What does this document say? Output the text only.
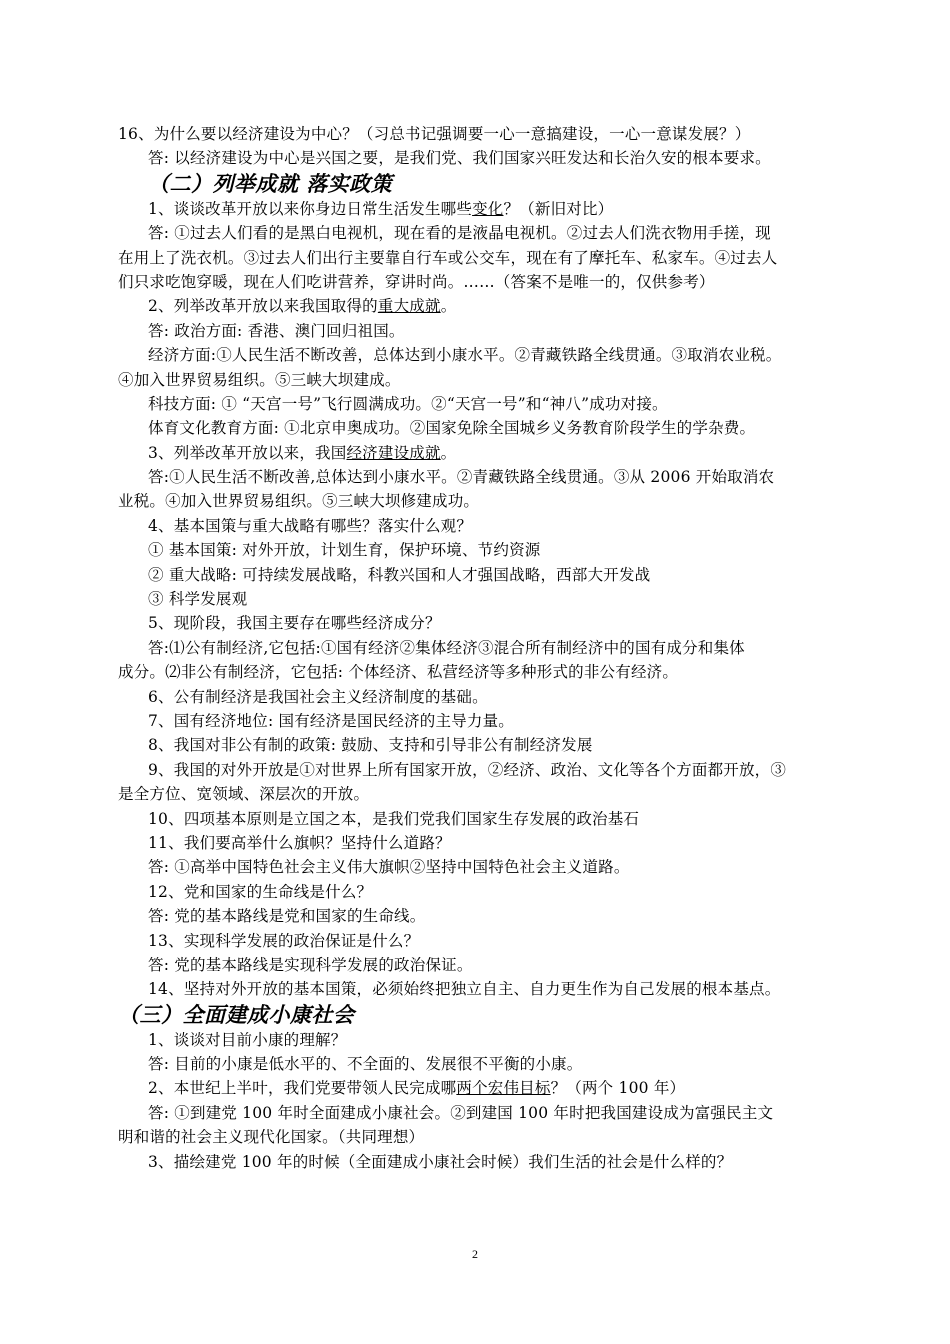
16、为什么要以经济建设为中心？（习总书记强调要一心一意搞建设，一心一意谋发展？）
答: 以经济建设为中心是兴国之要，是我们党、我们国家兴旺发达和长治久安的根本要求。
（二）列举成就 落实政策
1、谈谈改革开放以来你身边日常生活发生哪些变化？（新旧对比）
答: ①过去人们看的是黑白电视机，现在看的是液晶电视机。②过去人们洗衣物用手搓，现
在用上了洗衣机。③过去人们出行主要靠自行车或公交车，现在有了摩托车、私家车。④过去人
们只求吃饱穿暖，现在人们吃讲营养，穿讲时尚。……（答案不是唯一的，仅供参考）
2、列举改革开放以来我国取得的重大成就。
答: 政治方面: 香港、澳门回归祖国。
经济方面:①人民生活不断改善，总体达到小康水平。②青藏铁路全线贯通。③取消农业税。
④加入世界贸易组织。⑤三峡大坝建成。
科技方面: ① “天宫一号”飞行圆满成功。②“天宫一号”和“神八”成功对接。
体育文化教育方面: ①北京申奥成功。②国家免除全国城乡义务教育阶段学生的学杂费。
3、列举改革开放以来，我国经济建设成就。
答:①人民生活不断改善,总体达到小康水平。②青藏铁路全线贯通。③从 2006 开始取消农
业税。④加入世界贸易组织。⑤三峡大坝修建成功。
4、基本国策与重大战略有哪些？落实什么观？
① 基本国策: 对外开放，计划生育，保护环境、节约资源
② 重大战略: 可持续发展战略，科教兴国和人才强国战略，西部大开发战
③ 科学发展观
5、现阶段，我国主要存在哪些经济成分？
答:⑴公有制经济,它包括:①国有经济②集体经济③混合所有制经济中的国有成分和集体
成分。⑵非公有制经济，它包括: 个体经济、私营经济等多种形式的非公有经济。
6、公有制经济是我国社会主义经济制度的基础。
7、国有经济地位: 国有经济是国民经济的主导力量。
8、我国对非公有制的政策: 鼓励、支持和引导非公有制经济发展
9、我国的对外开放是①对世界上所有国家开放，②经济、政治、文化等各个方面都开放，③
是全方位、宽领域、深层次的开放。
10、四项基本原则是立国之本，是我们党我们国家生存发展的政治基石
11、我们要高举什么旗帜？坚持什么道路？
答: ①高举中国特色社会主义伟大旗帜②坚持中国特色社会主义道路。
12、党和国家的生命线是什么？
答: 党的基本路线是党和国家的生命线。
13、实现科学发展的政治保证是什么？
答: 党的基本路线是实现科学发展的政治保证。
14、坚持对外开放的基本国策，必须始终把独立自主、自力更生作为自己发展的根本基点。
（三）全面建成小康社会
1、谈谈对目前小康的理解？
答: 目前的小康是低水平的、不全面的、发展很不平衡的小康。
2、本世纪上半叶，我们党要带领人民完成哪两个宏伟目标？（两个 100 年）
答: ①到建党 100 年时全面建成小康社会。②到建国 100 年时把我国建设成为富强民主文
明和谐的社会主义现代化国家。（共同理想）
3、描绘建党 100 年的时候（全面建成小康社会时候）我们生活的社会是什么样的？
2
